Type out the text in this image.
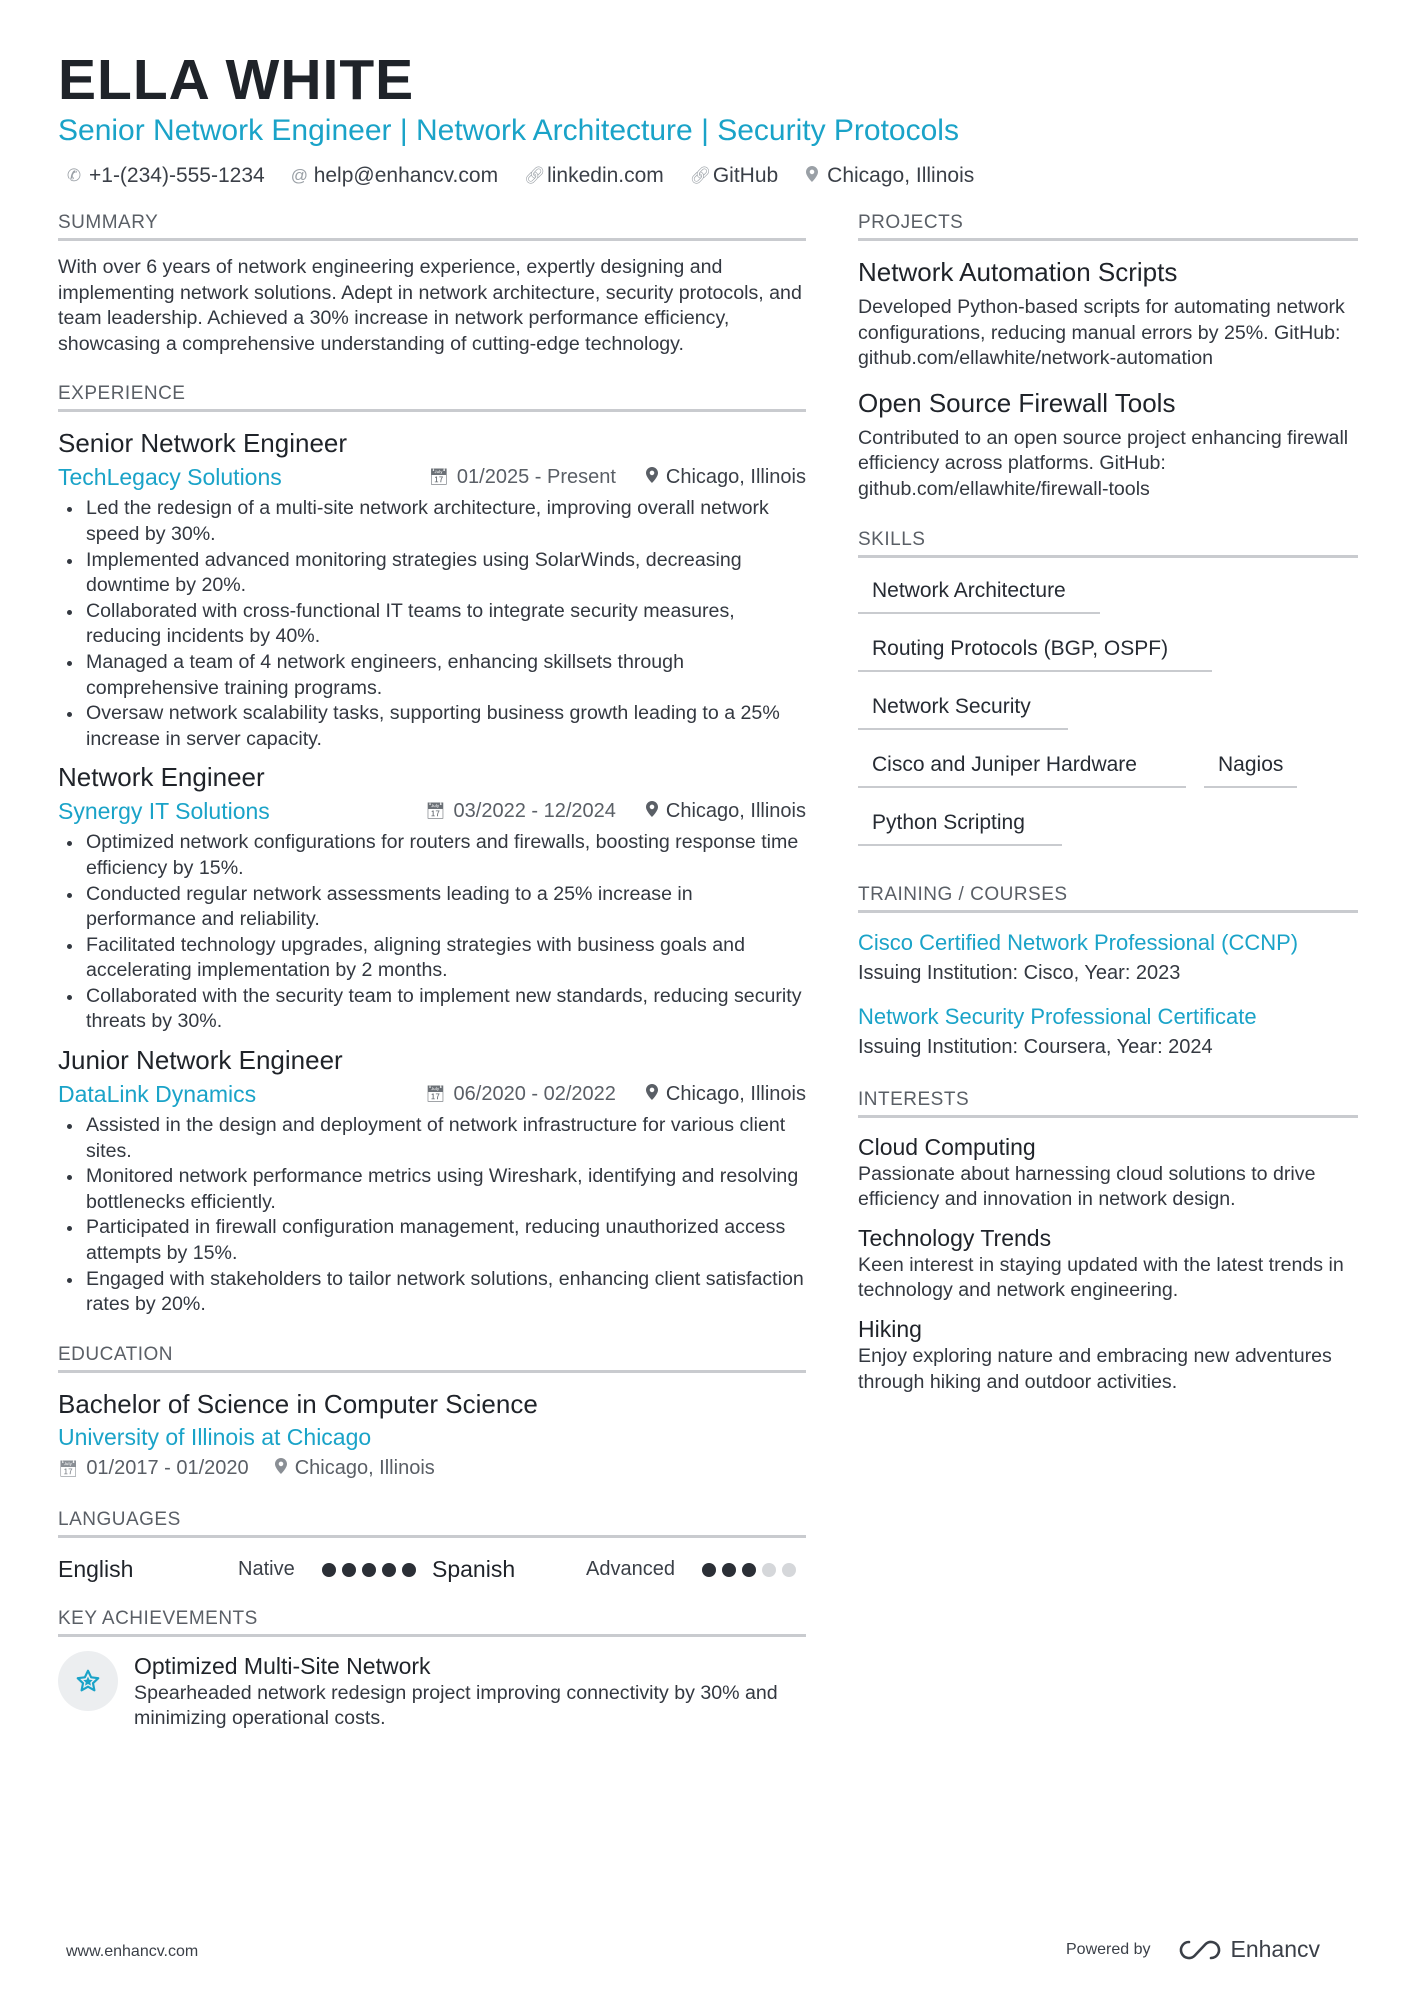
ELLA WHITE
Senior Network Engineer | Network Architecture | Security Protocols
✆ +1-(234)-555-1234 @ help@enhancv.com 🔗︎ linkedin.com 🔗︎ GitHub Chicago, Illinois
SUMMARY
With over 6 years of network engineering experience, expertly designing and implementing network solutions. Adept in network architecture, security protocols, and team leadership. Achieved a 30% increase in network performance efficiency, showcasing a comprehensive understanding of cutting-edge technology.
EXPERIENCE
Senior Network Engineer
TechLegacy Solutions	📅︎ 01/2025 - Present	Chicago, Illinois
Led the redesign of a multi-site network architecture, improving overall network speed by 30%.
Implemented advanced monitoring strategies using SolarWinds, decreasing downtime by 20%.
Collaborated with cross-functional IT teams to integrate security measures, reducing incidents by 40%.
Managed a team of 4 network engineers, enhancing skillsets through comprehensive training programs.
Oversaw network scalability tasks, supporting business growth leading to a 25% increase in server capacity.
Network Engineer
Synergy IT Solutions	📅︎ 03/2022 - 12/2024	Chicago, Illinois
Optimized network configurations for routers and firewalls, boosting response time efficiency by 15%.
Conducted regular network assessments leading to a 25% increase in performance and reliability.
Facilitated technology upgrades, aligning strategies with business goals and accelerating implementation by 2 months.
Collaborated with the security team to implement new standards, reducing security threats by 30%.
Junior Network Engineer
DataLink Dynamics	📅︎ 06/2020 - 02/2022	Chicago, Illinois
Assisted in the design and deployment of network infrastructure for various client sites.
Monitored network performance metrics using Wireshark, identifying and resolving bottlenecks efficiently.
Participated in firewall configuration management, reducing unauthorized access attempts by 15%.
Engaged with stakeholders to tailor network solutions, enhancing client satisfaction rates by 20%.
EDUCATION
Bachelor of Science in Computer Science
University of Illinois at Chicago
📅︎ 01/2017 - 01/2020 Chicago, Illinois
LANGUAGES
English	Native	Spanish	Advanced
KEY ACHIEVEMENTS
Optimized Multi-Site Network
Spearheaded network redesign project improving connectivity by 30% and minimizing operational costs.
PROJECTS
Network Automation Scripts
Developed Python-based scripts for automating network configurations, reducing manual errors by 25%. GitHub: github.com/ellawhite/network-automation
Open Source Firewall Tools
Contributed to an open source project enhancing firewall efficiency across platforms. GitHub: github.com/ellawhite/firewall-tools
SKILLS
Network Architecture
Routing Protocols (BGP, OSPF)
Network Security
Cisco and Juniper Hardware	Nagios
Python Scripting
TRAINING / COURSES
Cisco Certified Network Professional (CCNP)
Issuing Institution: Cisco, Year: 2023
Network Security Professional Certificate
Issuing Institution: Coursera, Year: 2024
INTERESTS
Cloud Computing
Passionate about harnessing cloud solutions to drive efficiency and innovation in network design.
Technology Trends
Keen interest in staying updated with the latest trends in technology and network engineering.
Hiking
Enjoy exploring nature and embracing new adventures through hiking and outdoor activities.
www.enhancv.com	Powered by	Enhancv
